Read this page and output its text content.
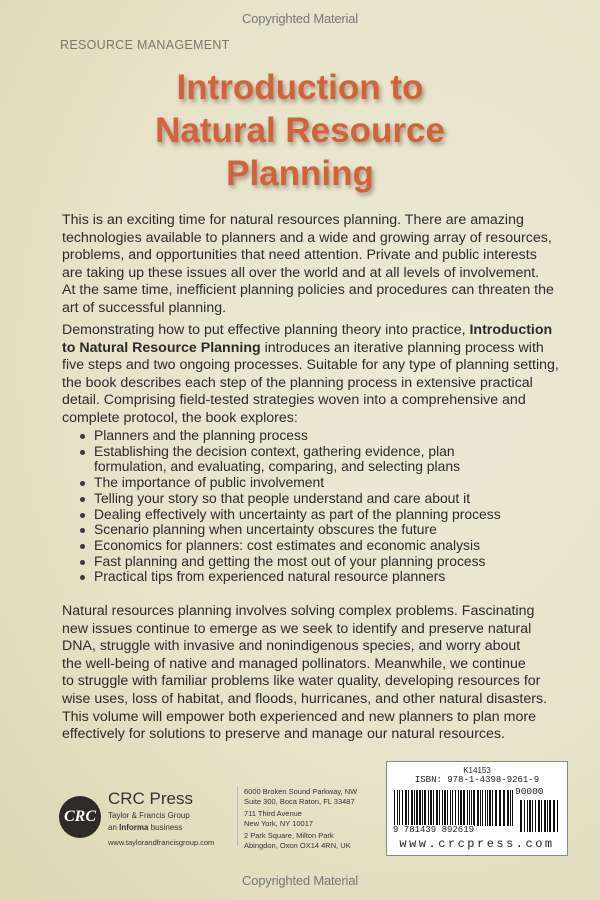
Copyrighted Material
RESOURCE MANAGEMENT
Introduction to
Natural Resource
Planning
This is an exciting time for natural resources planning. There are amazing
technologies available to planners and a wide and growing array of resources,
problems, and opportunities that need attention. Private and public interests
are taking up these issues all over the world and at all levels of involvement.
At the same time, inefficient planning policies and procedures can threaten the
art of successful planning.
Demonstrating how to put effective planning theory into practice, Introduction
to Natural Resource Planning introduces an iterative planning process with
five steps and two ongoing processes. Suitable for any type of planning setting,
the book describes each step of the planning process in extensive practical
detail. Comprising field-tested strategies woven into a comprehensive and
complete protocol, the book explores:
Planners and the planning process
Establishing the decision context, gathering evidence, plan
formulation, and evaluating, comparing, and selecting plans
The importance of public involvement
Telling your story so that people understand and care about it
Dealing effectively with uncertainty as part of the planning process
Scenario planning when uncertainty obscures the future
Economics for planners: cost estimates and economic analysis
Fast planning and getting the most out of your planning process
Practical tips from experienced natural resource planners
Natural resources planning involves solving complex problems. Fascinating
new issues continue to emerge as we seek to identify and preserve natural
DNA, struggle with invasive and nonindigenous species, and worry about
the well-being of native and managed pollinators. Meanwhile, we continue
to struggle with familiar problems like water quality, developing resources for
wise uses, loss of habitat, and floods, hurricanes, and other natural disasters.
This volume will empower both experienced and new planners to plan more
effectively for solutions to preserve and manage our natural resources.
CRC
CRC Press
Taylor & Francis Group
an Informa business
www.taylorandfrancisgroup.com
6000 Broken Sound Parkway, NW
Suite 300, Boca Raton, FL 33487
711 Third Avenue
New York, NY 10017
2 Park Square, Milton Park
Abingdon, Oxon OX14 4RN, UK
K14153
ISBN: 978-1-4398-9261-9
90000
9 781439 892619
www.crcpress.com
Copyrighted Material
